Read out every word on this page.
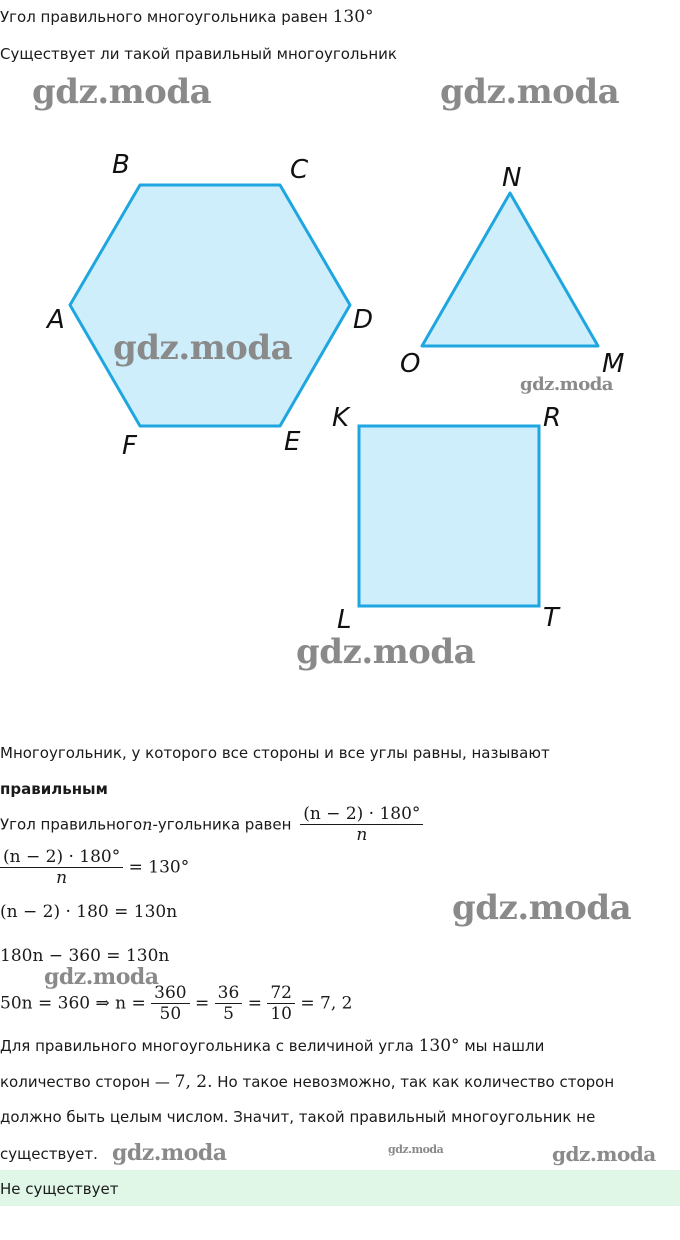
Угол правильного многоугольника равен 130°
Существует ли такой правильный многоугольник
gdz.moda	gdz.moda
A
B	C
D
E
F
N
O	M
K	R
L	T
gdz.moda
gdz.moda
gdz.moda
Многоугольник, у которого все стороны и все углы равны, называют
правильным
Угол правильногоn-угольника равен $\frac{(n - 2) \cdot 180^\circ}{n}$
$\frac{(n - 2) \cdot 180^\circ}{n} = 130^\circ$
(n − 2) · 180 = 130n	gdz.moda
180n − 360 = 130n
gdz.moda
50n = 360 ⇒ $n = \frac{360}{50} = \frac{36}{5} = \frac{72}{10} = 7$, 2
Для правильного многоугольника с величиной угла 130° мы нашли
количество сторон — 7, 2. Но такое невозможно, так как количество сторон
должно быть целым числом. Значит, такой правильный многоугольник не
существует. gdz.moda	gdz.moda	gdz.moda
Не существует
